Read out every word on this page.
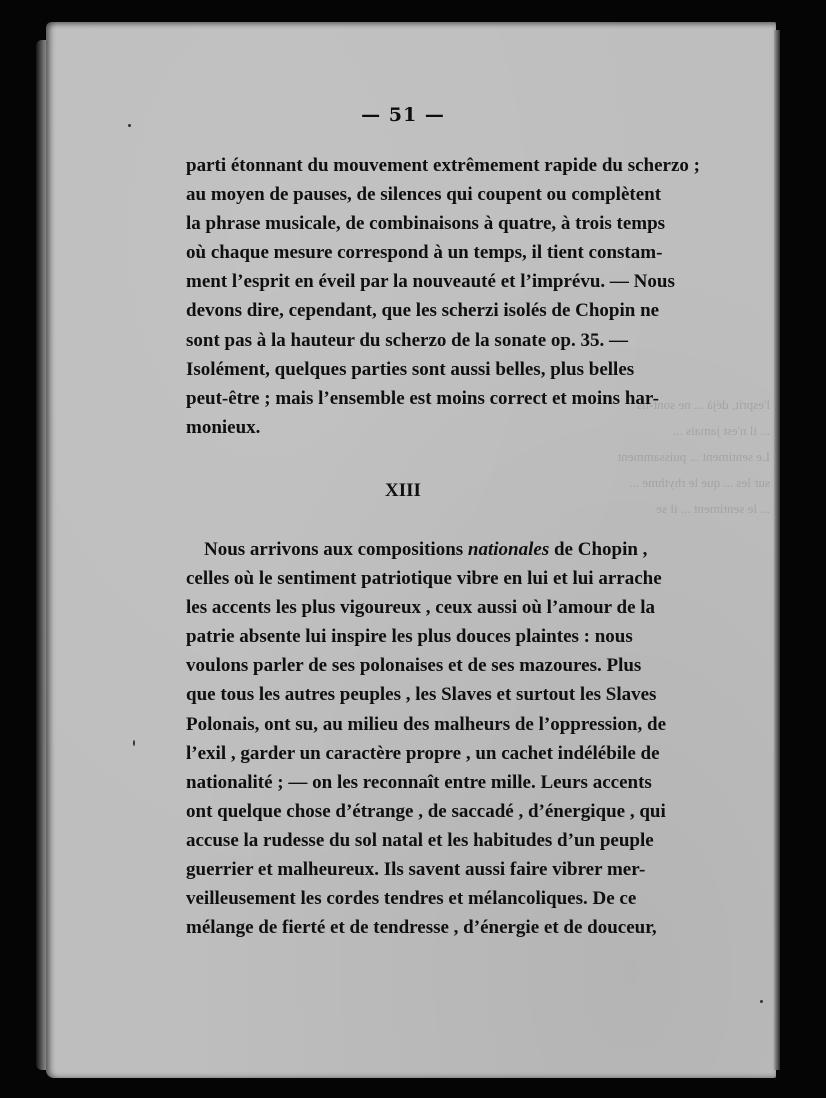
— 51 —
parti étonnant du mouvement extrêmement rapide du scherzo ;
au moyen de pauses, de silences qui coupent ou complètent
la phrase musicale, de combinaisons à quatre, à trois temps
où chaque mesure correspond à un temps, il tient constam-
ment l’esprit en éveil par la nouveauté et l’imprévu. — Nous
devons dire, cependant, que les scherzi isolés de Chopin ne
sont pas à la hauteur du scherzo de la sonate op. 35. —
Isolément, quelques parties sont aussi belles, plus belles
peut-être ; mais l’ensemble est moins correct et moins har-
monieux.
XIII
Nous arrivons aux compositions nationales de Chopin ,
celles où le sentiment patriotique vibre en lui et lui arrache
les accents les plus vigoureux , ceux aussi où l’amour de la
patrie absente lui inspire les plus douces plaintes : nous
voulons parler de ses polonaises et de ses mazoures. Plus
que tous les autres peuples , les Slaves et surtout les Slaves
Polonais, ont su, au milieu des malheurs de l’oppression, de
l’exil , garder un caractère propre , un cachet indélébile de
nationalité ; — on les reconnaît entre mille. Leurs accents
ont quelque chose d’étrange , de saccadé , d’énergique , qui
accuse la rudesse du sol natal et les habitudes d’un peuple
guerrier et malheureux. Ils savent aussi faire vibrer mer-
veilleusement les cordes tendres et mélancoliques. De ce
mélange de fierté et de tendresse , d’énergie et de douceur,
